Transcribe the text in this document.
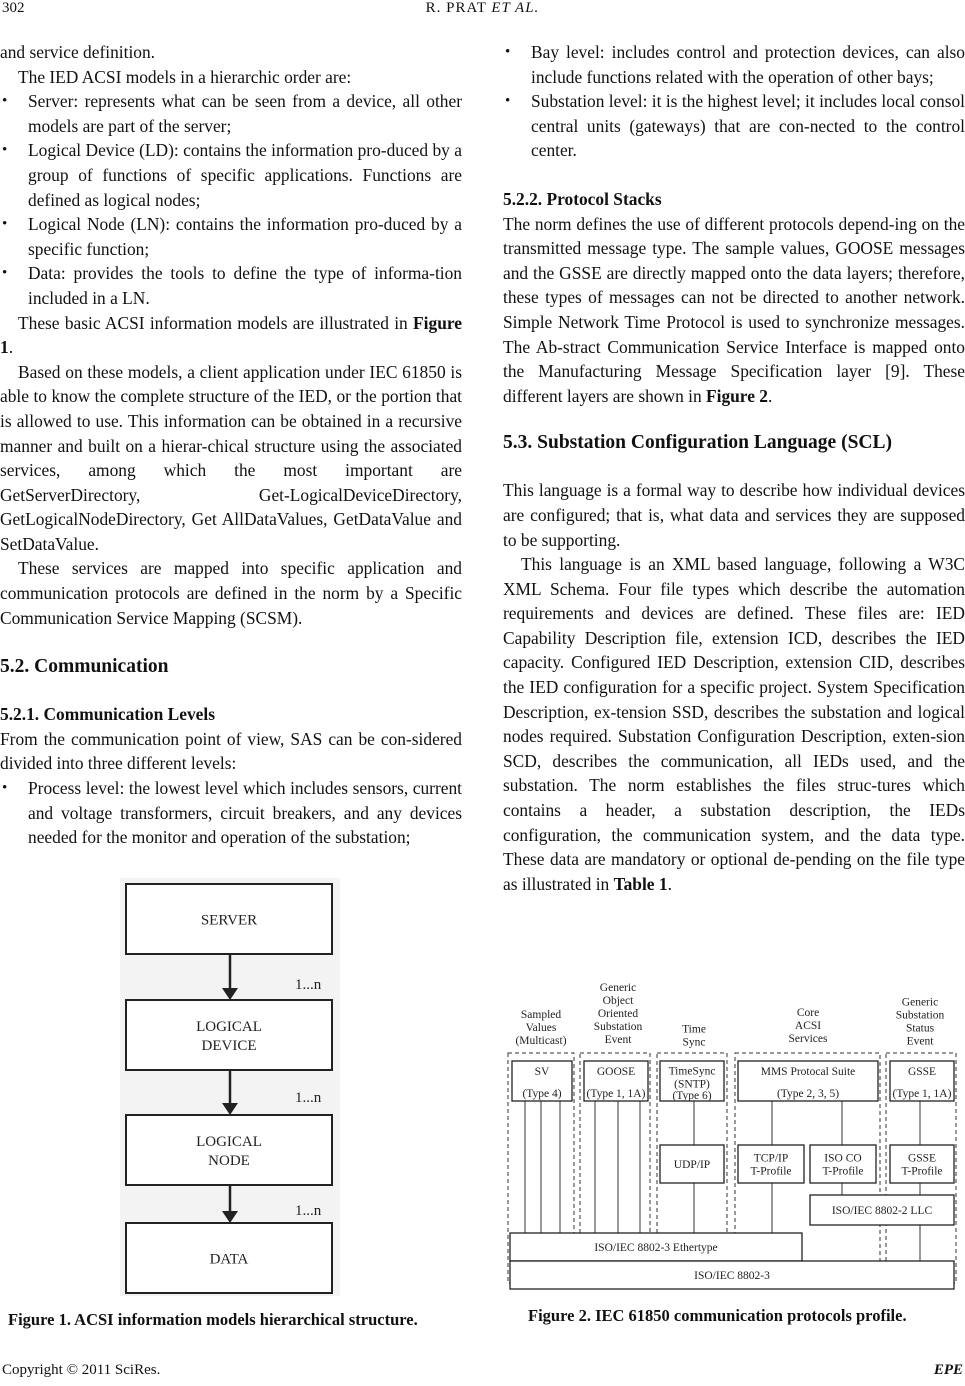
302	R. PRAT ET AL.

and service definition.

The IED ACSI models in a hierarchic order are:

• Server: represents what can be seen from a device, all other models are part of the server;
• Logical Device (LD): contains the information pro-duced by a group of functions of specific applications. Functions are defined as logical nodes;
• Logical Node (LN): contains the information pro-duced by a specific function;
• Data: provides the tools to define the type of informa-tion included in a LN.

These basic ACSI information models are illustrated in Figure 1.

Based on these models, a client application under IEC 61850 is able to know the complete structure of the IED, or the portion that is allowed to use. This information can be obtained in a recursive manner and built on a hierar-chical structure using the associated services, among which the most important are GetServerDirectory, Get-LogicalDeviceDirectory, GetLogicalNodeDirectory, Get AllDataValues, GetDataValue and SetDataValue.

These services are mapped into specific application and communication protocols are defined in the norm by a Specific Communication Service Mapping (SCSM).

5.2. Communication
5.2.1. Communication Levels

From the communication point of view, SAS can be con-sidered divided into three different levels:

• Process level: the lowest level which includes sensors, current and voltage transformers, circuit breakers, and any devices needed for the monitor and operation of the substation;
• Bay level: includes control and protection devices, can also include functions related with the operation of other bays;
• Substation level: it is the highest level; it includes local consol central units (gateways) that are con-nected to the control center.
5.2.2. Protocol Stacks

The norm defines the use of different protocols depend-ing on the transmitted message type. The sample values, GOOSE messages and the GSSE are directly mapped onto the data layers; therefore, these types of messages can not be directed to another network. Simple Network Time Protocol is used to synchronize messages. The Ab-stract Communication Service Interface is mapped onto the Manufacturing Message Specification layer [9]. These different layers are shown in Figure 2.

5.3. Substation Configuration Language (SCL)

This language is a formal way to describe how individual devices are configured; that is, what data and services they are supposed to be supporting.

This language is an XML based language, following a W3C XML Schema. Four file types which describe the automation requirements and devices are defined. These files are: IED Capability Description file, extension ICD, describes the IED capacity. Configured IED Description, extension CID, describes the IED configuration for a specific project. System Specification Description, ex-tension SSD, describes the substation and logical nodes required. Substation Configuration Description, exten-sion SCD, describes the communication, all IEDs used, and the substation. The norm establishes the files struc-tures which contains a header, a substation description, the IEDs configuration, the communication system, and the data type. These data are mandatory or optional de-pending on the file type as illustrated in Table 1.

SERVER
LOGICAL DEVICE
LOGICAL NODE
DATA
1...n
1...n
1...n
Figure 1. ACSI information models hierarchical structure.
Sampled Values (Multicast)
Generic Object Oriented Substation Event
Time Sync
Core ACSI Services
Generic Substation Status Event
SV
(Type 4)
GOOSE
(Type 1, 1A)
TimeSync (SNTP)
(Type 6)
MMS Protocal Suite
(Type 2, 3, 5)
GSSE
(Type 1, 1A)
UDP/IP
TCP/IP T-Profile
ISO CO T-Profile
GSSE T-Profile
ISO/IEC 8802-2 LLC
ISO/IEC 8802-3 Ethertype
ISO/IEC 8802-3
Figure 2. IEC 61850 communication protocols profile.
Copyright © 2011 SciRes.	EPE
